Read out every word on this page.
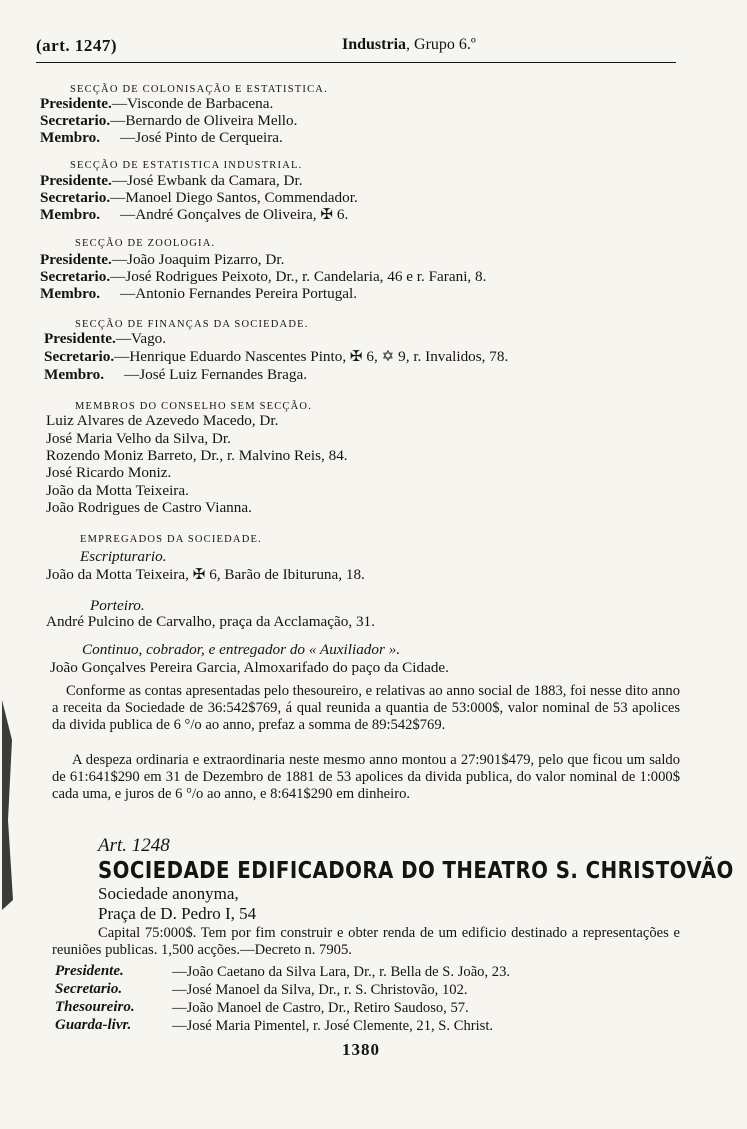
(art. 1247)	Industria, Grupo 6.º
SECÇÃO DE COLONISAÇÃO E ESTATISTICA.
Presidente.—Visconde de Barbacena.
Secretario.—Bernardo de Oliveira Mello.
Membro. —José Pinto de Cerqueira.
SECÇÃO DE ESTATISTICA INDUSTRIAL.
Presidente.—José Ewbank da Camara, Dr.
Secretario.—Manoel Diego Santos, Commendador.
Membro. —André Gonçalves de Oliveira, ✠ 6.
SECÇÃO DE ZOOLOGIA.
Presidente.—João Joaquim Pizarro, Dr.
Secretario.—José Rodrigues Peixoto, Dr., r. Candelaria, 46 e r. Farani, 8.
Membro. —Antonio Fernandes Pereira Portugal.
SECÇÃO DE FINANÇAS DA SOCIEDADE.
Presidente.—Vago.
Secretario.—Henrique Eduardo Nascentes Pinto, ✠ 6, ✡ 9, r. Invalidos, 78.
Membro. —José Luiz Fernandes Braga.
MEMBROS DO CONSELHO SEM SECÇÃO.
Luiz Alvares de Azevedo Macedo, Dr.
José Maria Velho da Silva, Dr.
Rozendo Moniz Barreto, Dr., r. Malvino Reis, 84.
José Ricardo Moniz.
João da Motta Teixeira.
João Rodrigues de Castro Vianna.
EMPREGADOS DA SOCIEDADE.
Escripturario.
João da Motta Teixeira, ✠ 6, Barão de Ibituruna, 18.
Porteiro.
André Pulcino de Carvalho, praça da Acclamação, 31.
Continuo, cobrador, e entregador do « Auxiliador ».
João Gonçalves Pereira Garcia, Almoxarifado do paço da Cidade.
Conforme as contas apresentadas pelo thesoureiro, e relativas ao anno social de 1883, foi nesse dito anno a receita da Sociedade de 36:542$769, á qual reunida a quantia de 53:000$, valor nominal de 53 apolices da divida publica de 6 °/o ao anno, prefaz a somma de 89:542$769.
A despeza ordinaria e extraordinaria neste mesmo anno montou a 27:901$479, pelo que ficou um saldo de 61:641$290 em 31 de Dezembro de 1881 de 53 apolices da divida publica, do valor nominal de 1:000$ cada uma, e juros de 6 °/o ao anno, e 8:641$290 em dinheiro.
Art. 1248
SOCIEDADE EDIFICADORA DO THEATRO S. CHRISTOVÃO
Sociedade anonyma,
Praça de D. Pedro I, 54
Capital 75:000$. Tem por fim construir e obter renda de um edificio destinado a representações e reuniões publicas. 1,500 acções.—Decreto n. 7905.
Presidente.	—João Caetano da Silva Lara, Dr., r. Bella de S. João, 23.
Secretario.	—José Manoel da Silva, Dr., r. S. Christovão, 102.
Thesoureiro.	—João Manoel de Castro, Dr., Retiro Saudoso, 57.
Guarda-livr.	—José Maria Pimentel, r. José Clemente, 21, S. Christ.
1380
